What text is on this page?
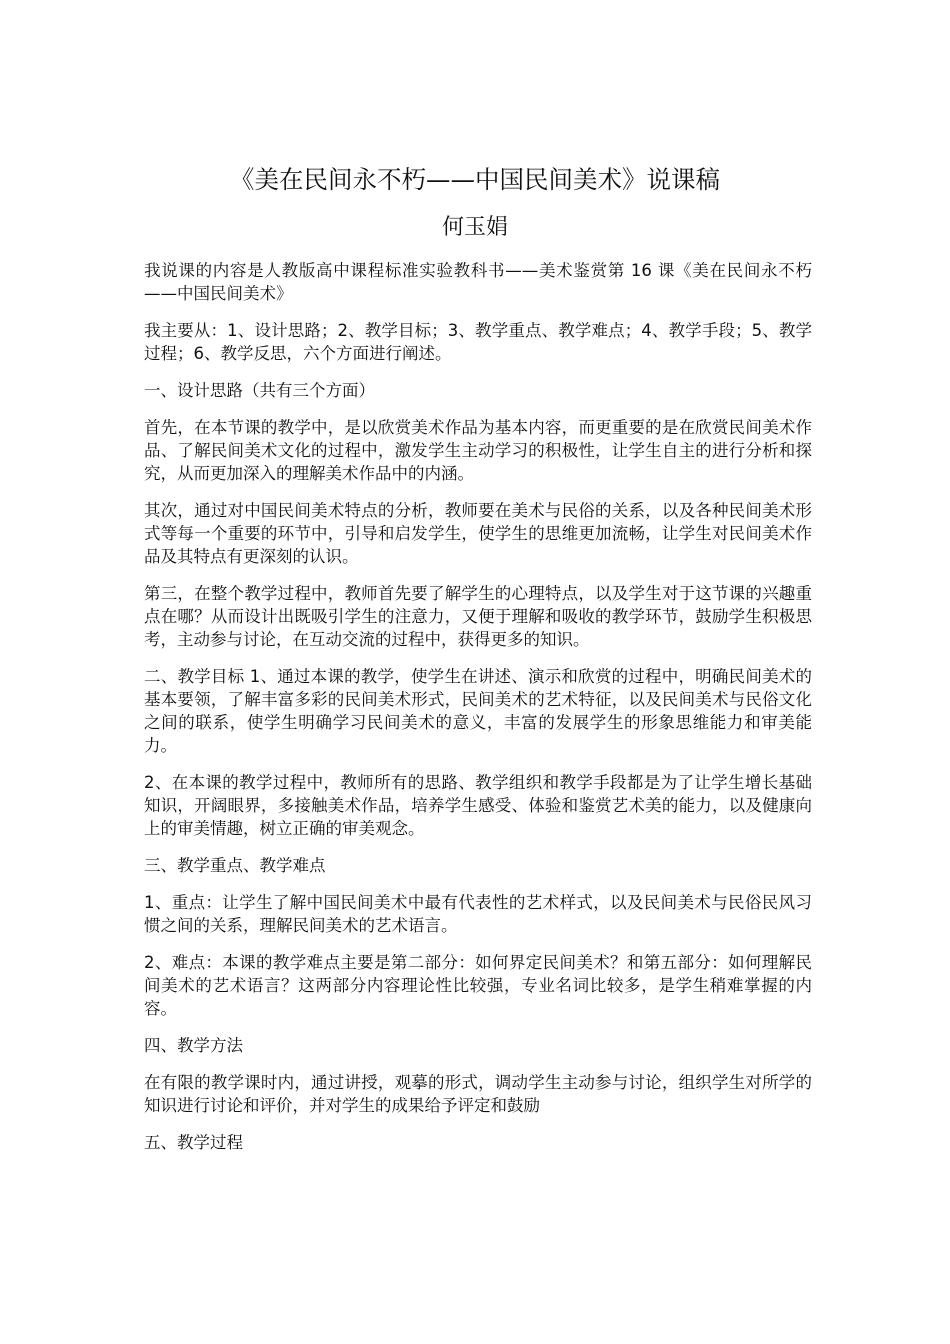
《美在民间永不朽——中国民间美术》说课稿
何玉娟

我说课的内容是人教版高中课程标准实验教科书——美术鉴赏第 16 课《美在民间永不朽——中国民间美术》

我主要从：1、设计思路；2、教学目标；3、教学重点、教学难点；4、教学手段；5、教学过程；6、教学反思，六个方面进行阐述。

一、设计思路（共有三个方面）

首先，在本节课的教学中，是以欣赏美术作品为基本内容，而更重要的是在欣赏民间美术作品、了解民间美术文化的过程中，激发学生主动学习的积极性，让学生自主的进行分析和探究，从而更加深入的理解美术作品中的内涵。

其次，通过对中国民间美术特点的分析，教师要在美术与民俗的关系，以及各种民间美术形式等每一个重要的环节中，引导和启发学生，使学生的思维更加流畅，让学生对民间美术作品及其特点有更深刻的认识。

第三，在整个教学过程中，教师首先要了解学生的心理特点，以及学生对于这节课的兴趣重点在哪？从而设计出既吸引学生的注意力，又便于理解和吸收的教学环节，鼓励学生积极思考，主动参与讨论，在互动交流的过程中，获得更多的知识。

二、教学目标 1、通过本课的教学，使学生在讲述、演示和欣赏的过程中，明确民间美术的基本要领，了解丰富多彩的民间美术形式，民间美术的艺术特征，以及民间美术与民俗文化之间的联系，使学生明确学习民间美术的意义，丰富的发展学生的形象思维能力和审美能力。

2、在本课的教学过程中，教师所有的思路、教学组织和教学手段都是为了让学生增长基础知识，开阔眼界，多接触美术作品，培养学生感受、体验和鉴赏艺术美的能力，以及健康向上的审美情趣，树立正确的审美观念。

三、教学重点、教学难点

1、重点：让学生了解中国民间美术中最有代表性的艺术样式，以及民间美术与民俗民风习惯之间的关系，理解民间美术的艺术语言。

2、难点：本课的教学难点主要是第二部分：如何界定民间美术？和第五部分：如何理解民间美术的艺术语言？这两部分内容理论性比较强，专业名词比较多，是学生稍难掌握的内容。

四、教学方法

在有限的教学课时内，通过讲授，观摹的形式，调动学生主动参与讨论，组织学生对所学的知识进行讨论和评价，并对学生的成果给予评定和鼓励

五、教学过程
